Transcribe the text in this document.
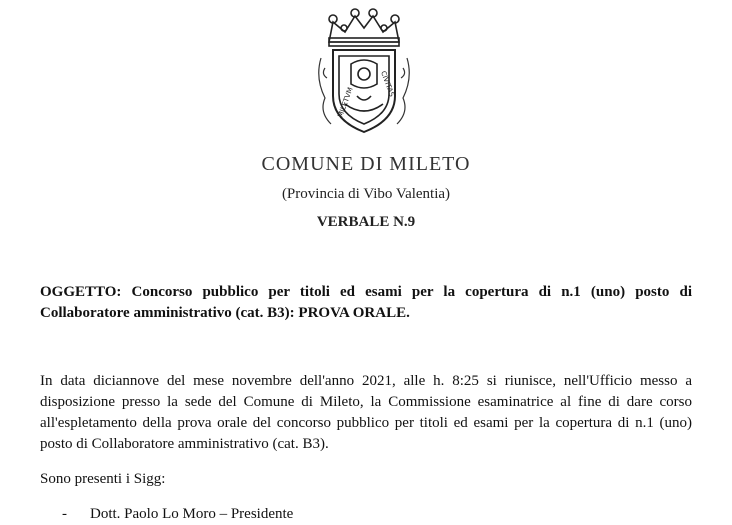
MILETVM
CIVITAS
COMUNE DI MILETO
(Provincia di Vibo Valentia)
VERBALE N.9
OGGETTO: Concorso pubblico per titoli ed esami per la copertura di n.1 (uno) posto di
Collaboratore amministrativo (cat. B3): PROVA ORALE.
In data diciannove del mese novembre dell'anno 2021, alle h. 8:25 si riunisce, nell'Ufficio messo a disposizione presso la sede del Comune di Mileto, la Commissione esaminatrice al fine di dare corso all'espletamento della prova orale del concorso pubblico per titoli ed esami per la copertura di n.1 (uno) posto di Collaboratore amministrativo (cat. B3).
Sono presenti i Sigg:
- Dott. Paolo Lo Moro – Presidente
